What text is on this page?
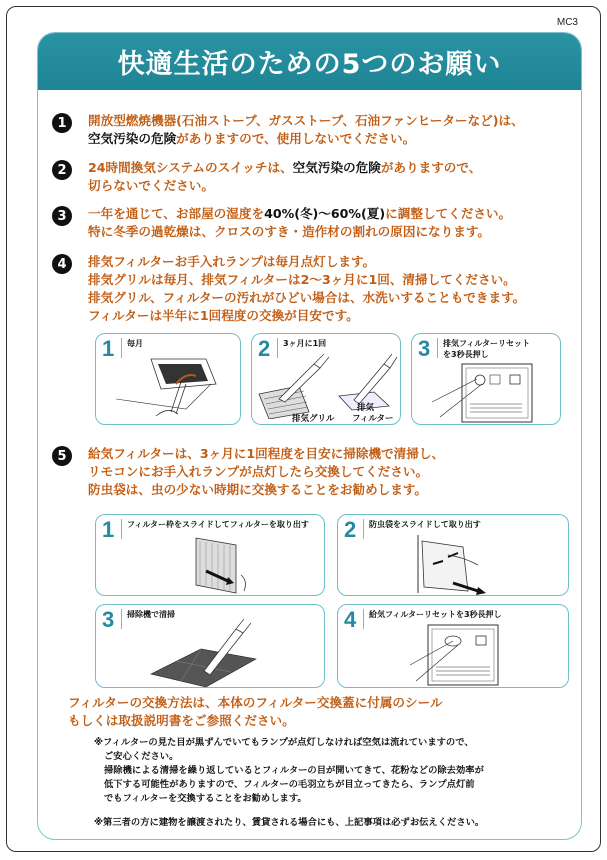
MC3
快適生活のための5つのお願い
1	開放型燃焼機器(石油ストーブ、ガスストーブ、石油ファンヒーターなど)は、
空気汚染の危険がありますので、使用しないでください。
2	24時間換気システムのスイッチは、空気汚染の危険がありますので、
切らないでください。
3	一年を通じて、お部屋の湿度を40%(冬)〜60%(夏)に調整してください。
特に冬季の過乾燥は、クロスのすき・造作材の割れの原因になります。
4	排気フィルターお手入れランプは毎月点灯します。
排気グリルは毎月、排気フィルターは2〜3ヶ月に1回、清掃してください。
排気グリル、フィルターの汚れがひどい場合は、水洗いすることもできます。
フィルターは半年に1回程度の交換が目安です。
1 毎月	2 3ヶ月に1回
排気グリル
排気
フィルター
3 排気フィルターリセット
を3秒長押し
5	給気フィルターは、3ヶ月に1回程度を目安に掃除機で清掃し、
リモコンにお手入れランプが点灯したら交換してください。
防虫袋は、虫の少ない時期に交換することをお勧めします。
1 フィルター枠をスライドしてフィルターを取り出す 2 防虫袋をスライドして取り出す
3 掃除機で清掃	4 給気フィルターリセットを3秒長押し
フィルターの交換方法は、本体のフィルター交換蓋に付属のシール
もしくは取扱説明書をご参照ください。
※フィルターの見た目が黒ずんでいてもランプが点灯しなければ空気は流れていますので、
ご安心ください。
掃除機による清掃を繰り返しているとフィルターの目が開いてきて、花粉などの除去効率が
低下する可能性がありますので、フィルターの毛羽立ちが目立ってきたら、ランプ点灯前
でもフィルターを交換することをお勧めします。
※第三者の方に建物を譲渡されたり、賃貸される場合にも、上記事項は必ずお伝えください。
